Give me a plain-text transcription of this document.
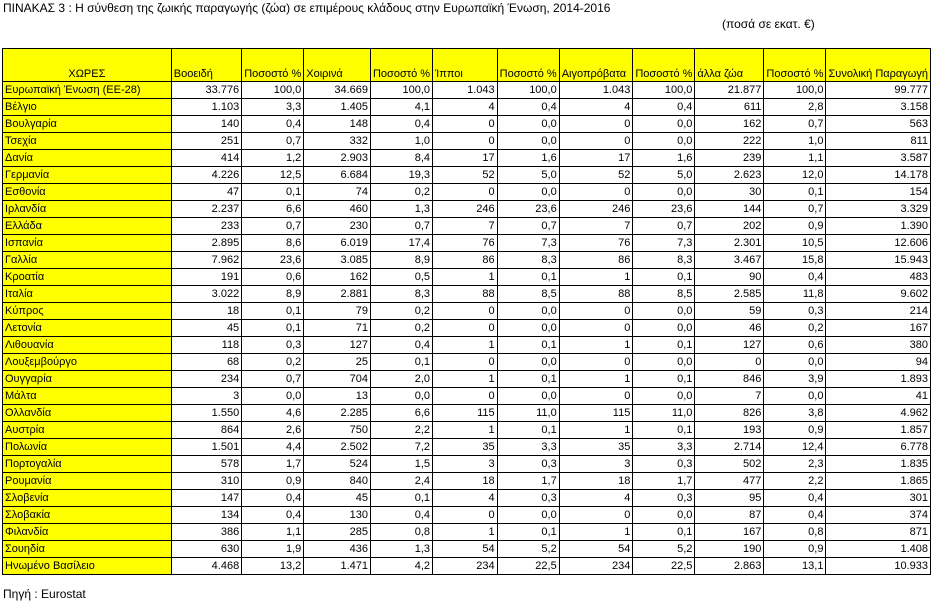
ΠΙΝΑΚΑΣ 3 : Η σύνθεση της ζωικής παραγωγής (ζώα) σε επιμέρους κλάδους στην Ευρωπαϊκή Ένωση, 2014-2016
(ποσά σε εκατ. €)
ΧΩΡΕΣ	Βοοειδή	Ποσοστό %	Χοιρινά	Ποσοστό %	Ίπποι	Ποσοστό %	Αιγοπρόβατα	Ποσοστό %	άλλα ζώα	Ποσοστό %	Συνολική Παραγωγή
Ευρωπαϊκή Ένωση (ΕΕ-28)	33.776	100,0	34.669	100,0	1.043	100,0	1.043	100,0	21.877	100,0	99.777
Βέλγιο	1.103	3,3	1.405	4,1	4	0,4	4	0,4	611	2,8	3.158
Βουλγαρία	140	0,4	148	0,4	0	0,0	0	0,0	162	0,7	563
Τσεχία	251	0,7	332	1,0	0	0,0	0	0,0	222	1,0	811
Δανία	414	1,2	2.903	8,4	17	1,6	17	1,6	239	1,1	3.587
Γερμανία	4.226	12,5	6.684	19,3	52	5,0	52	5,0	2.623	12,0	14.178
Εσθονία	47	0,1	74	0,2	0	0,0	0	0,0	30	0,1	154
Ιρλανδία	2.237	6,6	460	1,3	246	23,6	246	23,6	144	0,7	3.329
Ελλάδα	233	0,7	230	0,7	7	0,7	7	0,7	202	0,9	1.390
Ισπανία	2.895	8,6	6.019	17,4	76	7,3	76	7,3	2.301	10,5	12.606
Γαλλία	7.962	23,6	3.085	8,9	86	8,3	86	8,3	3.467	15,8	15.943
Κροατία	191	0,6	162	0,5	1	0,1	1	0,1	90	0,4	483
Ιταλία	3.022	8,9	2.881	8,3	88	8,5	88	8,5	2.585	11,8	9.602
Κύπρος	18	0,1	79	0,2	0	0,0	0	0,0	59	0,3	214
Λετονία	45	0,1	71	0,2	0	0,0	0	0,0	46	0,2	167
Λιθουανία	118	0,3	127	0,4	1	0,1	1	0,1	127	0,6	380
Λουξεμβούργο	68	0,2	25	0,1	0	0,0	0	0,0	0	0,0	94
Ουγγαρία	234	0,7	704	2,0	1	0,1	1	0,1	846	3,9	1.893
Μάλτα	3	0,0	13	0,0	0	0,0	0	0,0	7	0,0	41
Ολλανδία	1.550	4,6	2.285	6,6	115	11,0	115	11,0	826	3,8	4.962
Αυστρία	864	2,6	750	2,2	1	0,1	1	0,1	193	0,9	1.857
Πολωνία	1.501	4,4	2.502	7,2	35	3,3	35	3,3	2.714	12,4	6.778
Πορτογαλία	578	1,7	524	1,5	3	0,3	3	0,3	502	2,3	1.835
Ρουμανία	310	0,9	840	2,4	18	1,7	18	1,7	477	2,2	1.865
Σλοβενία	147	0,4	45	0,1	4	0,3	4	0,3	95	0,4	301
Σλοβακία	134	0,4	130	0,4	0	0,0	0	0,0	87	0,4	374
Φιλανδία	386	1,1	285	0,8	1	0,1	1	0,1	167	0,8	871
Σουηδία	630	1,9	436	1,3	54	5,2	54	5,2	190	0,9	1.408
Ηνωμένο Βασίλειο	4.468	13,2	1.471	4,2	234	22,5	234	22,5	2.863	13,1	10.933
Πηγή : Eurostat
